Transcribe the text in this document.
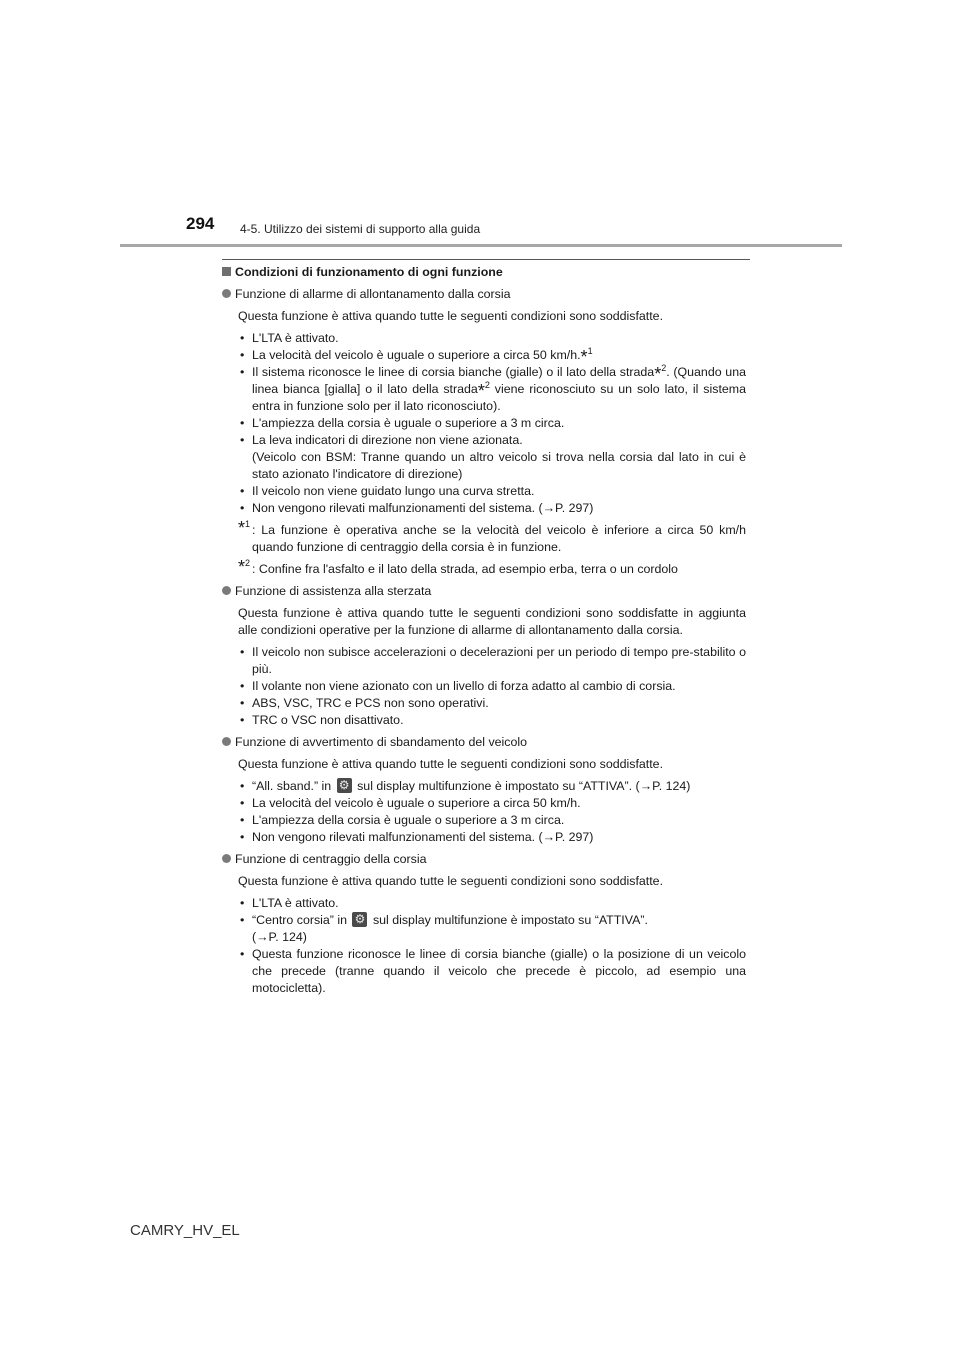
294 4-5. Utilizzo dei sistemi di supporto alla guida

Condizioni di funzionamento di ogni funzione

Funzione di allarme di allontanamento dalla corsia

Questa funzione è attiva quando tutte le seguenti condizioni sono soddisfatte.

• L'LTA è attivato.
• La velocità del veicolo è uguale o superiore a circa 50 km/h.*$^1$
• Il sistema riconosce le linee di corsia bianche (gialle) o il lato della strada*$^2$. (Quando una linea bianca [gialla] o il lato della strada*$^2$ viene riconosciuto su un solo lato, il sistema entra in funzione solo per il lato riconosciuto).
• L'ampiezza della corsia è uguale o superiore a 3 m circa.
• La leva indicatori di direzione non viene azionata.
(Veicolo con BSM: Tranne quando un altro veicolo si trova nella corsia dal lato in cui è stato azionato l'indicatore di direzione)
• Il veicolo non viene guidato lungo una curva stretta.
• Non vengono rilevati malfunzionamenti del sistema. (→P. 297)
*$^1$ : La funzione è operativa anche se la velocità del veicolo è inferiore a circa 50 km/h quando funzione di centraggio della corsia è in funzione.
*$^2$ : Confine fra l'asfalto e il lato della strada, ad esempio erba, terra o un cordolo

Funzione di assistenza alla sterzata

Questa funzione è attiva quando tutte le seguenti condizioni sono soddisfatte in aggiunta alle condizioni operative per la funzione di allarme di allontanamento dalla corsia.

• Il veicolo non subisce accelerazioni o decelerazioni per un periodo di tempo pre-stabilito o più.
• Il volante non viene azionato con un livello di forza adatto al cambio di corsia.
• ABS, VSC, TRC e PCS non sono operativi.
• TRC o VSC non disattivato.

Funzione di avvertimento di sbandamento del veicolo

Questa funzione è attiva quando tutte le seguenti condizioni sono soddisfatte.

• “All. sband.” in ⚙ sul display multifunzione è impostato su “ATTIVA”. (→P. 124)
• La velocità del veicolo è uguale o superiore a circa 50 km/h.
• L'ampiezza della corsia è uguale o superiore a 3 m circa.
• Non vengono rilevati malfunzionamenti del sistema. (→P. 297)

Funzione di centraggio della corsia

Questa funzione è attiva quando tutte le seguenti condizioni sono soddisfatte.

• L'LTA è attivato.
• “Centro corsia” in ⚙ sul display multifunzione è impostato su “ATTIVA”.
(→P. 124)
• Questa funzione riconosce le linee di corsia bianche (gialle) o la posizione di un veicolo che precede (tranne quando il veicolo che precede è piccolo, ad esempio una motocicletta).
CAMRY_HV_EL
